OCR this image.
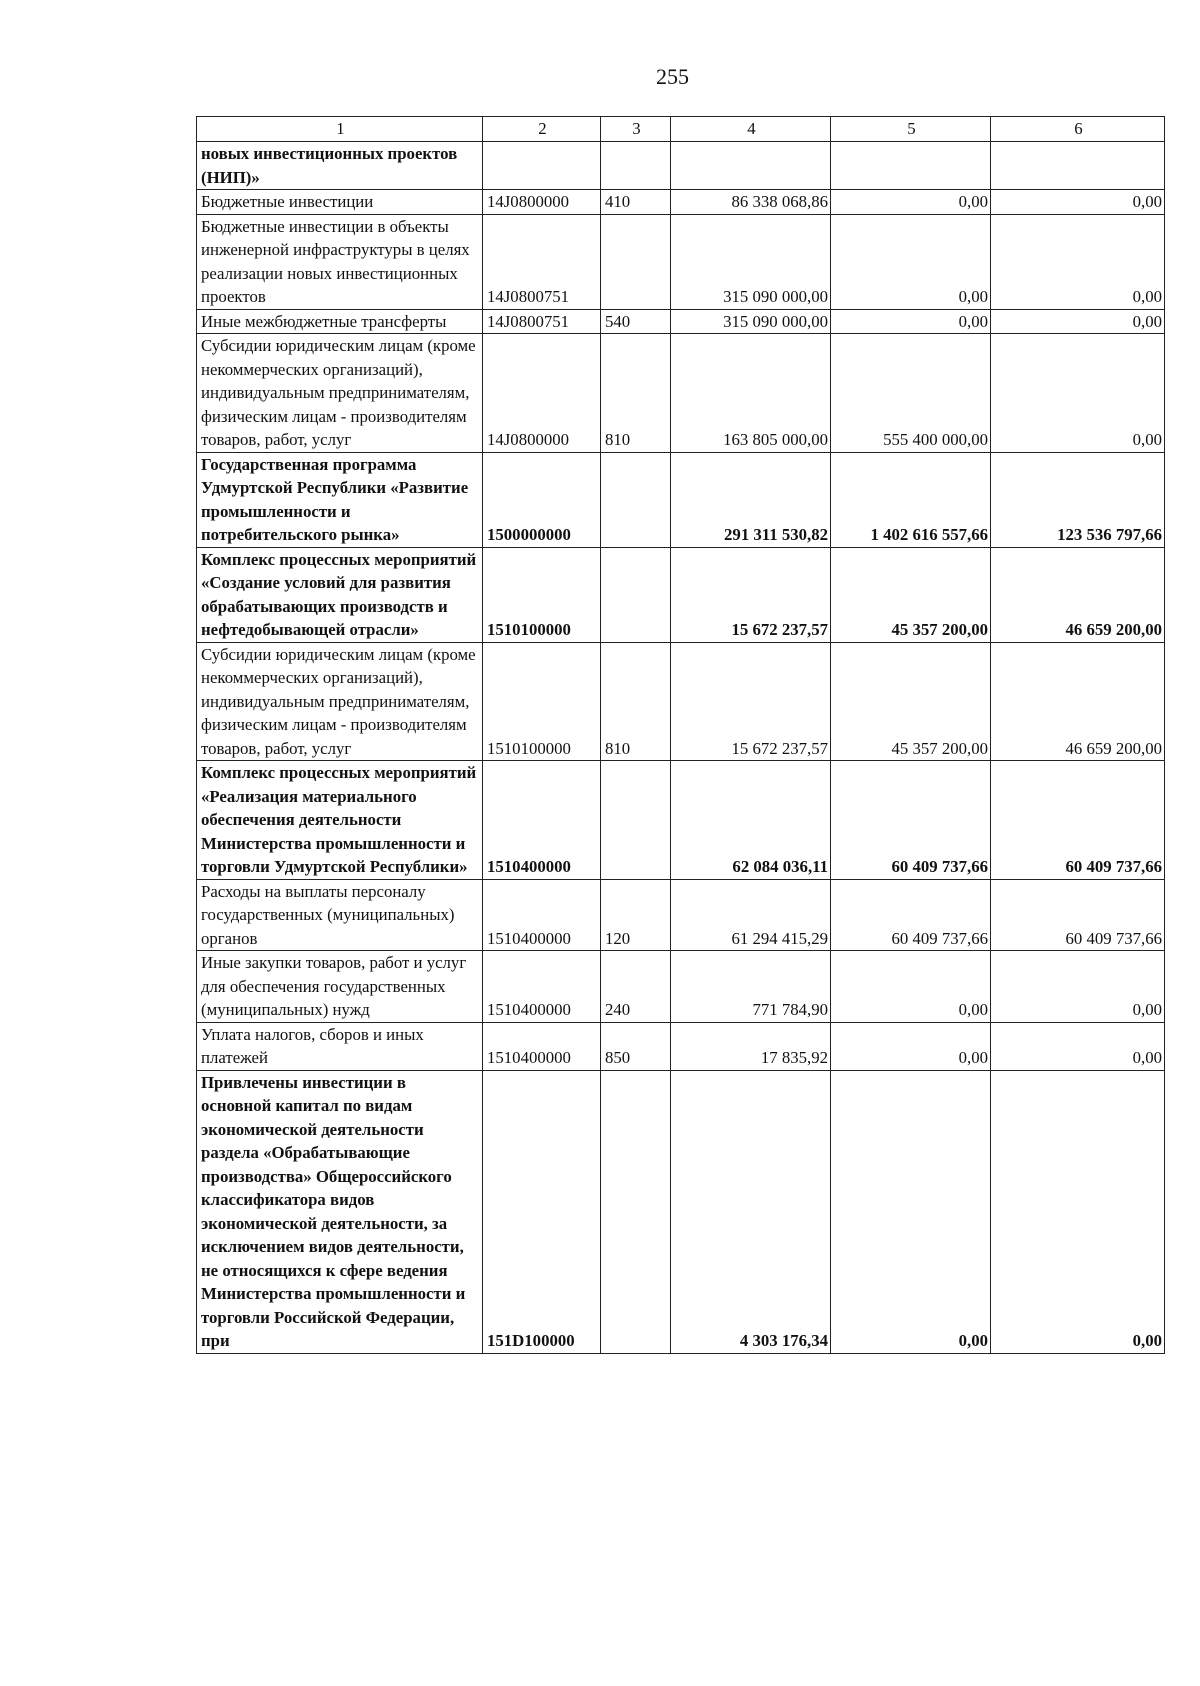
255
1	2	3	4	5	6
новых инвестиционных проектов (НИП)»					
Бюджетные инвестиции	14J0800000	410	86 338 068,86	0,00	0,00
Бюджетные инвестиции в объекты инженерной инфраструктуры в целях реализации новых инвестиционных проектов	14J0800751		315 090 000,00	0,00	0,00
Иные межбюджетные трансферты	14J0800751	540	315 090 000,00	0,00	0,00
Субсидии юридическим лицам (кроме некоммерческих организаций), индивидуальным предпринимателям, физическим лицам - производителям товаров, работ, услуг	14J0800000	810	163 805 000,00	555 400 000,00	0,00
Государственная программа Удмуртской Республики «Развитие промышленности и потребительского рынка»	1500000000		291 311 530,82	1 402 616 557,66	123 536 797,66
Комплекс процессных мероприятий «Создание условий для развития обрабатывающих производств и нефтедобывающей отрасли»	1510100000		15 672 237,57	45 357 200,00	46 659 200,00
Субсидии юридическим лицам (кроме некоммерческих организаций), индивидуальным предпринимателям, физическим лицам - производителям товаров, работ, услуг	1510100000	810	15 672 237,57	45 357 200,00	46 659 200,00
Комплекс процессных мероприятий «Реализация материального обеспечения деятельности Министерства промышленности и торговли Удмуртской Республики»	1510400000		62 084 036,11	60 409 737,66	60 409 737,66
Расходы на выплаты персоналу государственных (муниципальных) органов	1510400000	120	61 294 415,29	60 409 737,66	60 409 737,66
Иные закупки товаров, работ и услуг для обеспечения государственных (муниципальных) нужд	1510400000	240	771 784,90	0,00	0,00
Уплата налогов, сборов и иных платежей	1510400000	850	17 835,92	0,00	0,00
Привлечены инвестиции в основной капитал по видам экономической деятельности раздела «Обрабатывающие производства» Общероссийского классификатора видов экономической деятельности, за исключением видов деятельности, не относящихся к сфере ведения Министерства промышленности и торговли Российской Федерации, при	151D100000		4 303 176,34	0,00	0,00
